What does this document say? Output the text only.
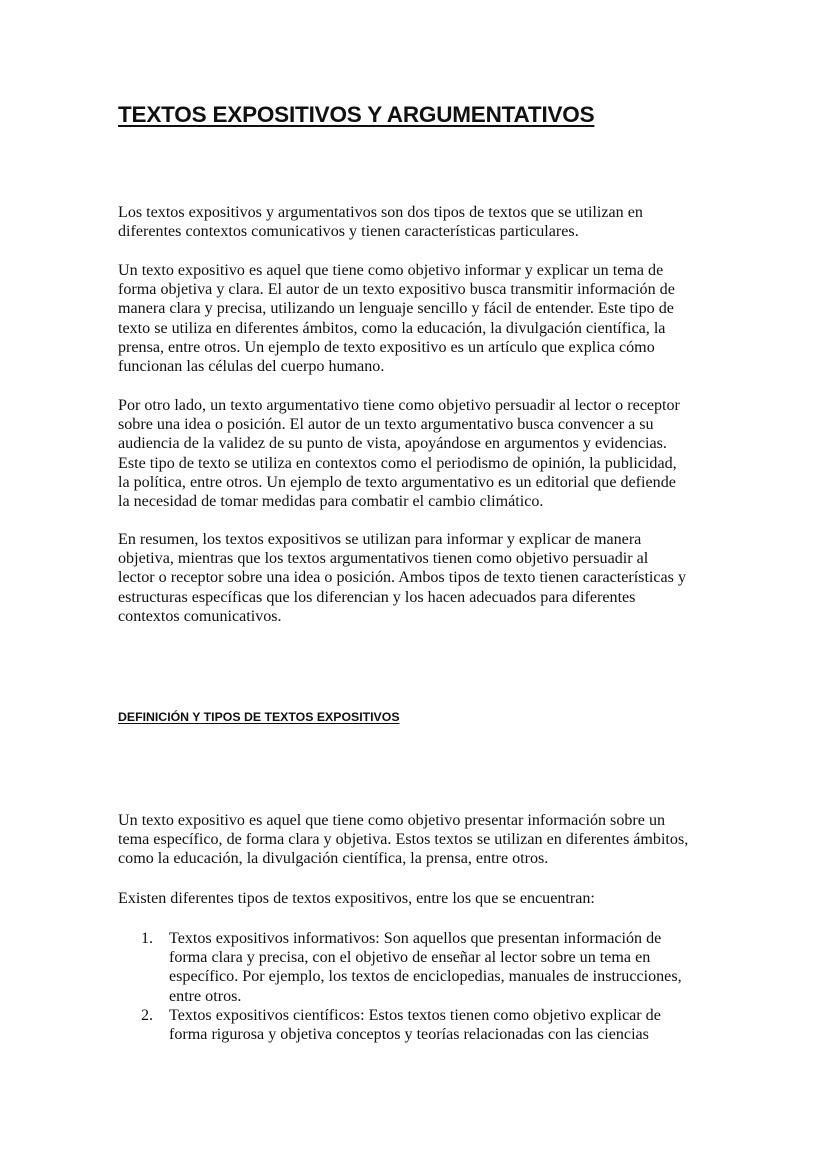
TEXTOS EXPOSITIVOS Y ARGUMENTATIVOS

Los textos expositivos y argumentativos son dos tipos de textos que se utilizan en
diferentes contextos comunicativos y tienen características particulares.

Un texto expositivo es aquel que tiene como objetivo informar y explicar un tema de
forma objetiva y clara. El autor de un texto expositivo busca transmitir información de
manera clara y precisa, utilizando un lenguaje sencillo y fácil de entender. Este tipo de
texto se utiliza en diferentes ámbitos, como la educación, la divulgación científica, la
prensa, entre otros. Un ejemplo de texto expositivo es un artículo que explica cómo
funcionan las células del cuerpo humano.

Por otro lado, un texto argumentativo tiene como objetivo persuadir al lector o receptor
sobre una idea o posición. El autor de un texto argumentativo busca convencer a su
audiencia de la validez de su punto de vista, apoyándose en argumentos y evidencias.
Este tipo de texto se utiliza en contextos como el periodismo de opinión, la publicidad,
la política, entre otros. Un ejemplo de texto argumentativo es un editorial que defiende
la necesidad de tomar medidas para combatir el cambio climático.

En resumen, los textos expositivos se utilizan para informar y explicar de manera
objetiva, mientras que los textos argumentativos tienen como objetivo persuadir al
lector o receptor sobre una idea o posición. Ambos tipos de texto tienen características y
estructuras específicas que los diferencian y los hacen adecuados para diferentes
contextos comunicativos.

DEFINICIÓN Y TIPOS DE TEXTOS EXPOSITIVOS

Un texto expositivo es aquel que tiene como objetivo presentar información sobre un
tema específico, de forma clara y objetiva. Estos textos se utilizan en diferentes ámbitos,
como la educación, la divulgación científica, la prensa, entre otros.

Existen diferentes tipos de textos expositivos, entre los que se encuentran:

1. Textos expositivos informativos: Son aquellos que presentan información de
forma clara y precisa, con el objetivo de enseñar al lector sobre un tema en
específico. Por ejemplo, los textos de enciclopedias, manuales de instrucciones,
entre otros.
2. Textos expositivos científicos: Estos textos tienen como objetivo explicar de
forma rigurosa y objetiva conceptos y teorías relacionadas con las ciencias
